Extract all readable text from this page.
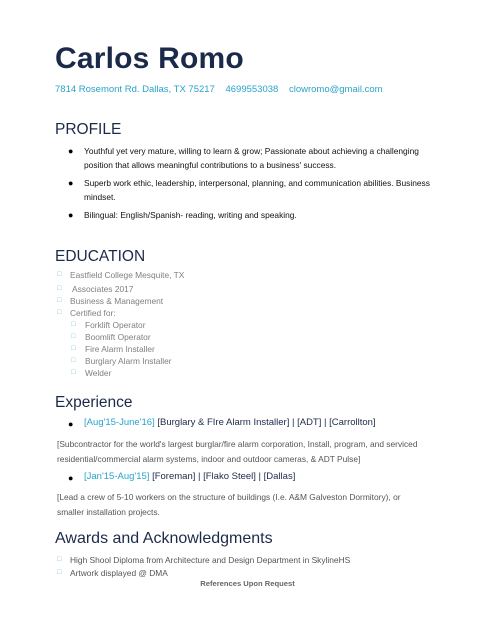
Carlos Romo
7814 Rosemont Rd. Dallas, TX 75217 4699553038 clowromo@gmail.com
PROFILE
● Youthful yet very mature, willing to learn & grow; Passionate about achieving a challenging position that allows meaningful contributions to a business' success.
● Superb work ethic, leadership, interpersonal, planning, and communication abilities. Business mindset.
● Bilingual: English/Spanish- reading, writing and speaking.
EDUCATION
□ Eastfield College Mesquite, TX
□ Associates 2017
□ Business & Management
□ Certified for:
□ Forklift Operator
□ Boomlift Operator
□ Fire Alarm Installer
□ Burglary Alarm Installer
□ Welder
Experience
● [Aug'15-June'16] [Burglary & FIre Alarm Installer] | [ADT] | [Carrollton]
[Subcontractor for the world's largest burglar/fire alarm corporation, Install, program, and serviced residential/commercial alarm systems, indoor and outdoor cameras, & ADT Pulse]
● [Jan'15-Aug'15] [Foreman] | [Flako Steel] | [Dallas]
[Lead a crew of 5-10 workers on the structure of buildings (I.e. A&M Galveston Dormitory), or smaller installation projects.
Awards and Acknowledgments
□ High Shool Diploma from Architecture and Design Department in SkylineHS
□ Artwork displayed @ DMA
References Upon Request
